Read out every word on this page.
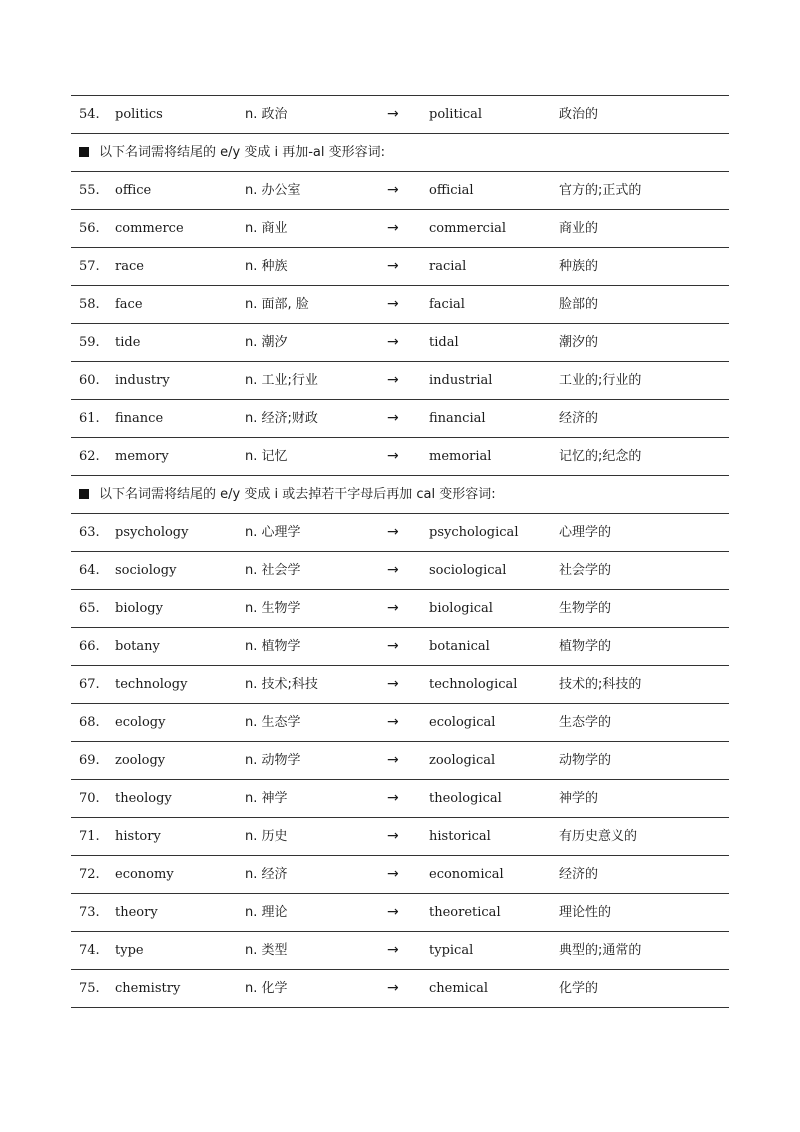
54. politics	n. 政治	→ political	政治的
以下名词需将结尾的 e/y 变成 i 再加-al 变形容词:
55. office	n. 办公室	→ official	官方的;正式的
56. commerce	n. 商业	→ commercial	商业的
57. race	n. 种族	→ racial	种族的
58. face	n. 面部, 脸	→ facial	脸部的
59. tide	n. 潮汐	→ tidal	潮汐的
60. industry	n. 工业;行业	→ industrial	工业的;行业的
61. finance	n. 经济;财政	→ financial	经济的
62. memory	n. 记忆	→ memorial	记忆的;纪念的
以下名词需将结尾的 e/y 变成 i 或去掉若干字母后再加 cal 变形容词:
63. psychology	n. 心理学	→ psychological	心理学的
64. sociology	n. 社会学	→ sociological	社会学的
65. biology	n. 生物学	→ biological	生物学的
66. botany	n. 植物学	→ botanical	植物学的
67. technology	n. 技术;科技	→ technological	技术的;科技的
68. ecology	n. 生态学	→ ecological	生态学的
69. zoology	n. 动物学	→ zoological	动物学的
70. theology	n. 神学	→ theological	神学的
71. history	n. 历史	→ historical	有历史意义的
72. economy	n. 经济	→ economical	经济的
73. theory	n. 理论	→ theoretical	理论性的
74. type	n. 类型	→ typical	典型的;通常的
75. chemistry	n. 化学	→ chemical	化学的
